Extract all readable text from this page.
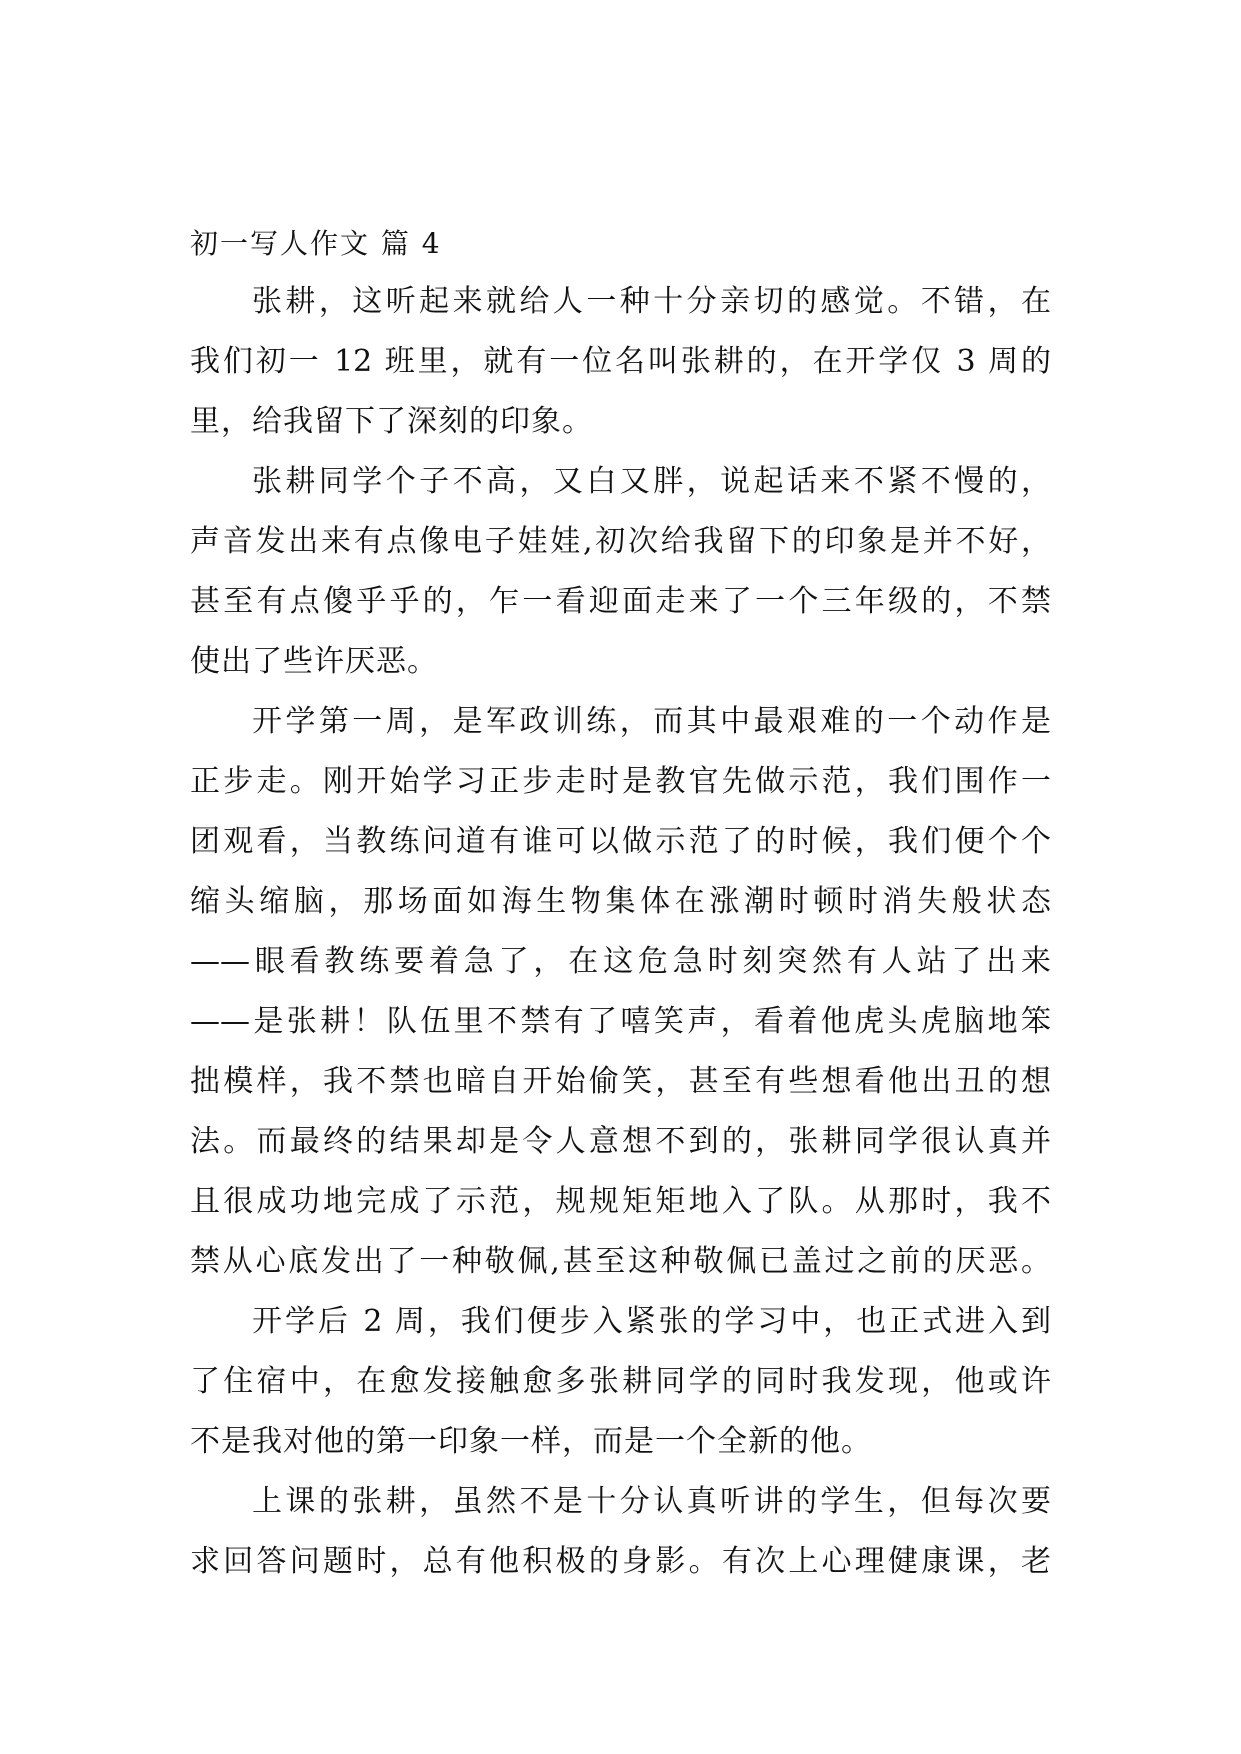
初一写人作文 篇 4

张耕，这听起来就给人一种十分亲切的感觉。不错，在
我们初一 12 班里，就有一位名叫张耕的，在开学仅 3 周的
里，给我留下了深刻的印象。
张耕同学个子不高，又白又胖，说起话来不紧不慢的，
声音发出来有点像电子娃娃,初次给我留下的印象是并不好，
甚至有点傻乎乎的，乍一看迎面走来了一个三年级的，不禁
使出了些许厌恶。
开学第一周，是军政训练，而其中最艰难的一个动作是
正步走。刚开始学习正步走时是教官先做示范，我们围作一
团观看，当教练问道有谁可以做示范了的时候，我们便个个
缩头缩脑，那场面如海生物集体在涨潮时顿时消失般状态
——眼看教练要着急了，在这危急时刻突然有人站了出来
——是张耕！队伍里不禁有了嘻笑声，看着他虎头虎脑地笨
拙模样，我不禁也暗自开始偷笑，甚至有些想看他出丑的想
法。而最终的结果却是令人意想不到的，张耕同学很认真并
且很成功地完成了示范，规规矩矩地入了队。从那时，我不
禁从心底发出了一种敬佩,甚至这种敬佩已盖过之前的厌恶。
开学后 2 周，我们便步入紧张的学习中，也正式进入到
了住宿中，在愈发接触愈多张耕同学的同时我发现，他或许
不是我对他的第一印象一样，而是一个全新的他。
上课的张耕，虽然不是十分认真听讲的学生，但每次要
求回答问题时，总有他积极的身影。有次上心理健康课，老
